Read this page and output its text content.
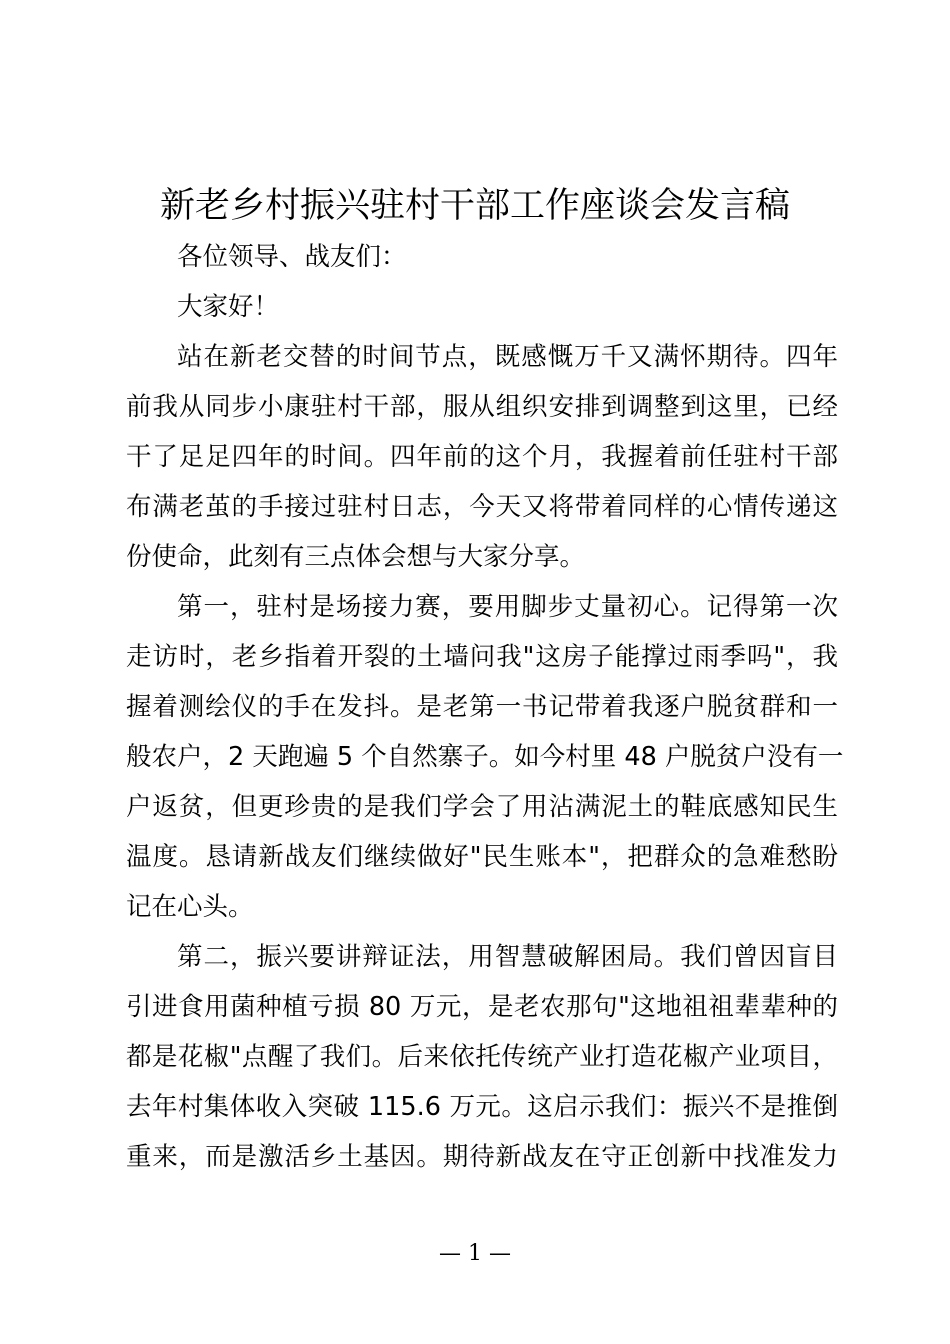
新老乡村振兴驻村干部工作座谈会发言稿
各位领导、战友们：
大家好！
站在新老交替的时间节点，既感慨万千又满怀期待。四年
前我从同步小康驻村干部，服从组织安排到调整到这里，已经
干了足足四年的时间。四年前的这个月，我握着前任驻村干部
布满老茧的手接过驻村日志，今天又将带着同样的心情传递这
份使命，此刻有三点体会想与大家分享。
第一，驻村是场接力赛，要用脚步丈量初心。记得第一次
走访时，老乡指着开裂的土墙问我"这房子能撑过雨季吗"，我
握着测绘仪的手在发抖。是老第一书记带着我逐户脱贫群和一
般农户，2 天跑遍 5 个自然寨子。如今村里 48 户脱贫户没有一
户返贫，但更珍贵的是我们学会了用沾满泥土的鞋底感知民生
温度。恳请新战友们继续做好"民生账本"，把群众的急难愁盼
记在心头。
第二，振兴要讲辩证法，用智慧破解困局。我们曾因盲目
引进食用菌种植亏损 80 万元，是老农那句"这地祖祖辈辈种的
都是花椒"点醒了我们。后来依托传统产业打造花椒产业项目，
去年村集体收入突破 115.6 万元。这启示我们：振兴不是推倒
重来，而是激活乡土基因。期待新战友在守正创新中找准发力
— 1 —
